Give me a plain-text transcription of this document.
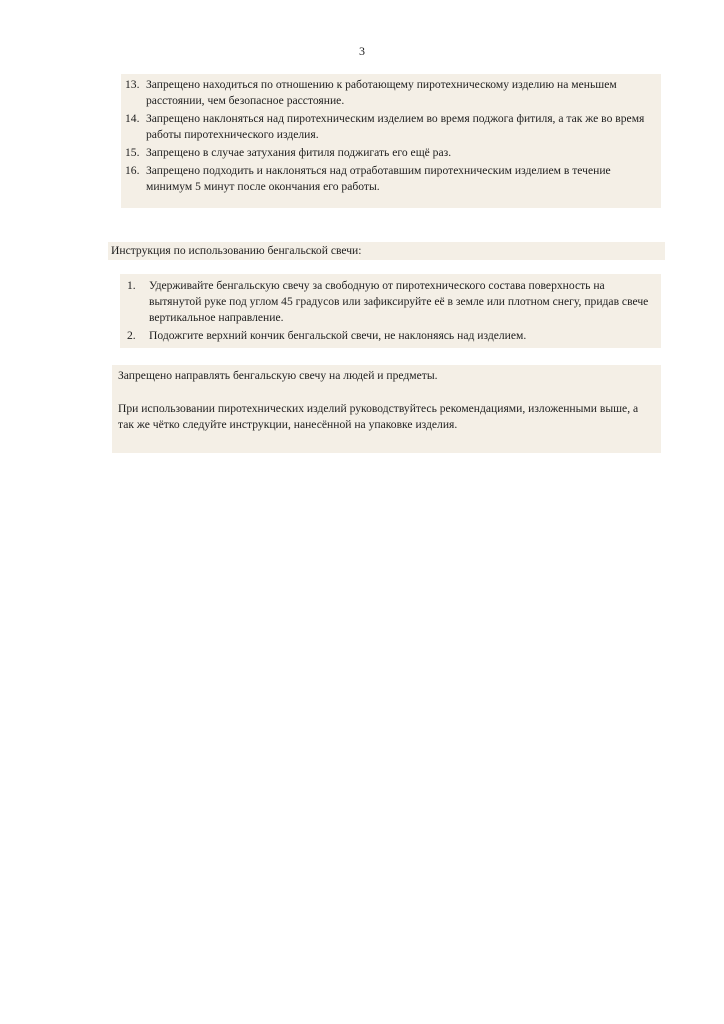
3
13. Запрещено находиться по отношению к работающему пиротехническому изделию на меньшем расстоянии, чем безопасное расстояние.
14. Запрещено наклоняться над пиротехническим изделием во время поджога фитиля, а так же во время работы пиротехнического изделия.
15. Запрещено в случае затухания фитиля поджигать его ещё раз.
16. Запрещено подходить и наклоняться над отработавшим пиротехническим изделием в течение минимум 5 минут после окончания его работы.
Инструкция по использованию бенгальской свечи:
1. Удерживайте бенгальскую свечу за свободную от пиротехнического состава поверхность на вытянутой руке под углом 45 градусов или зафиксируйте её в земле или плотном снегу, придав свече вертикальное направление.
2. Подожгите верхний кончик бенгальской свечи, не наклоняясь над изделием.

Запрещено направлять бенгальскую свечу на людей и предметы.

При использовании пиротехнических изделий руководствуйтесь рекомендациями, изложенными выше, а так же чётко следуйте инструкции, нанесённой на упаковке изделия.
